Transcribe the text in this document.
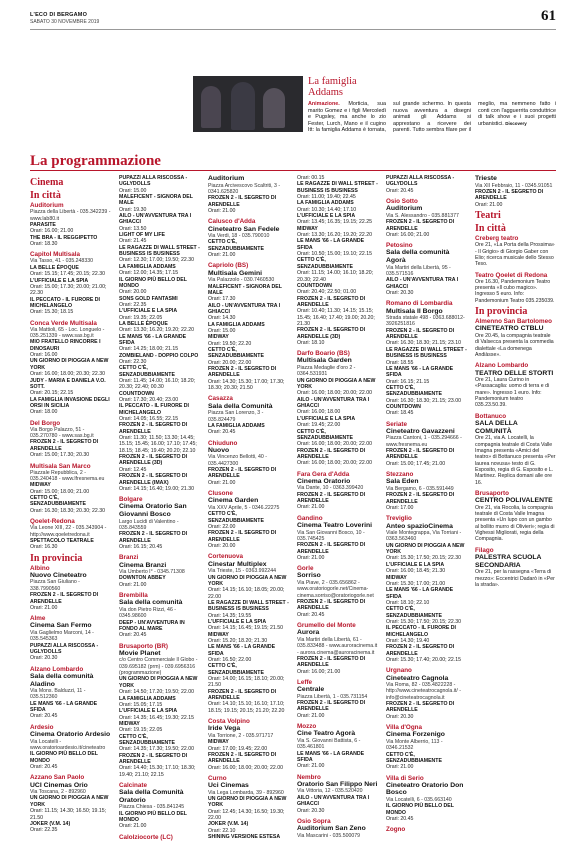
L'ECO DI BERGAMO
SABATO 30 NOVEMBRE 2019	61
La famiglia Addams
Animazione. Morticia, sua marito Gomez e i figli Mercoledì e Pugsley, ma anche lo zio Fester, Lurch, Mano e il cugino Itt: la famiglia Addams è tornata, sul grande schermo. In questa nuova avventura a disegni animati gli Addams si apprestano a ricevere dei parenti. Tutto sembra filare per il meglio, ma nemmeno fatto i conti con l'agguerrita conduttrice di talk show e i suoi progetti urbanistici. Discovery
La programmazione
Cinema
In città
Auditorium
Piazza della Libertà - 035.342239 - www.lab80.it
PARASITE
Orari: 16.00; 21.00
THE BRA - IL REGGIPETTO
Orari: 18.30
Capitol Multisala
Via Tasso, 41 - 035.248330
LA BELLE ÉPOQUE
Orari: 15.15; 17.45; 20.15; 22.30
L'UFFICIALE E LA SPIA
Orari: 15.00; 17.30; 20.00; 21.00; 22.30
IL PECCATO - IL FURORE DI MICHELANGELO
Orari: 15.30; 18.15
Conca Verde Multisala
Via Mattioli, 65 - Loc. Longuelo - 035.251339 - www.sas.bg.it
MIO FRATELLO RINCORRE I DINOSAURI
Orari: 16.00
UN GIORNO DI PIOGGIA A NEW YORK
Orari: 16.00; 18.00; 20.30; 22.30
JUDY - MARIA E DANIELA V.O. SOTT.
Orari: 20.15; 22.15
LA FAMIGLIA INVASIONE DEGLI ORSI IN SICILIA
Orari: 18.00
Del Borgo
Via Borgo Palazzo, 51 - 035.270780 - www.sas.bg.it
FROZEN 2 - IL SEGRETO DI ARENDELLE
Orari: 15.00; 17.30; 20.30
Multisala San Marco
Piazzale Repubblica, 2 - 035.240418 - www.lfresnema.eu
MIDWAY
Orari: 15.00; 18.00; 21.00
CETTO C'È, SENZADUBBIAMENTE
Orari: 16.30; 18.30; 20.30; 22.30
Qoelet-Redona
Via Leone XIII, 22 - 035.343904 - http://www.qoeletredona.it
SPETTACOLO TEATRALE
Orari: 16.30
In provincia
Albino
Nuovo Cineteatro
Piazza San Giuliano - 338.7990560
FROZEN 2 - IL SEGRETO DI ARENDELLE
Orari: 21.00
Alme
Cinema San Fermo
Via Gaglielmo Marconi, 14 - 035.545363
PUPAZZI ALLA RISCOSSA - UGLYDOLLS
Orari: 20.30
Alzano Lombardo
Sala della comunità Aladino
Via Mons. Balduzzi, 11 - 035.512360
LE MANS '66 - LA GRANDE SFIDA
Orari: 20.45
Ardesio
Cinema Oratorio Ardesio
Via Locatelli - www.oratorioardesio.it/cineteatro
IL GIORNO PIÙ BELLO DEL MONDO
Orari: 20.45
Azzano San Paolo
UCI Cinemas Orio
Via Toscana, 2 - 892960
UN GIORNO DI PIOGGIA A NEW YORK
Orari: 11.15; 14.30; 16.50; 19.15; 21.50
JOKER (V.M. 14)
Orari: 22.35
PUPAZZI ALLA RISCOSSA - UGLYDOLLS
Orari: 15.00
MALEFICENT - SIGNORA DEL MALE
Orari: 19.30
AILO - UN'AVVENTURA TRA I GHIACCI
Orari: 13.50
LIGHT OF MY LIFE
Orari: 21.45
LE RAGAZZE DI WALL STREET - BUSINESS IS BUSINESS
Orari: 12.30; 17.00; 19.50; 22.30
LA FAMIGLIA ADDAMS
Orari: 12.00; 14.35; 17.15
IL GIORNO PIÙ BELLO DEL MONDO
Orari: 20.00
SONS GOLD FANTASMI
Orari: 22.35
L'UFFICIALE E LA SPIA
Orari: 19.35; 22.05
LA BELLE ÉPOQUE
Orari: 13.30; 16.20; 19.20; 22.20
LE MANS '66 - LA GRANDE SFIDA
Orari: 14.25; 18.00; 21.15
ZOMBIELAND - DOPPIO COLPO
Orari: 22.30
CETTO C'È, SENZADUBBIAMENTE
Orari: 11.45; 14.00; 16.10; 18.20; 20.30; 22.40; 00.30
COUNTDOWN
Orari: 17.30; 20.40; 23.00
IL PECCATO - IL FURORE DI MICHELANGELO
Orari: 14.05; 16.55; 22.15
FROZEN 2 - IL SEGRETO DI ARENDELLE
Orari: 11.30; 11.50; 13.30; 14.45; 15.15; 15.45; 16.00; 17.10; 17.45; 18.15; 18.45; 19.40; 20.20; 22.10
FROZEN 2 - IL SEGRETO DI ARENDELLE (3D)
Orari: 12.45
FROZEN 2 - IL SEGRETO DI ARENDELLE (IMAX)
Orari: 14.15; 16.40; 19.00; 21.30
Bolgare
Cinema Oratorio San Giovanni Bosco
Largo Lucidi di Valentino - 035.843559
FROZEN 2 - IL SEGRETO DI ARENDELLE
Orari: 16.15; 20.45
Branzi
Cinema Branzi
Via Umberto I° - 0345.71308
DOWNTON ABBEY
Orari: 21.00
Brembilla
Sala della comunità
Via don Pietro Rizzi, 46 - 0345.98600
DEEP - UN'AVVENTURA IN FONDO AL MARE
Orari: 20.45
Brusaporto (BR)
Movie Planet
c/o Centro Commerciale Il Globo - 039.695182 (prm) - 039.6956316 (programmazione)
UN GIORNO DI PIOGGIA A NEW YORK
Orari: 14.50; 17.20; 19.50; 22.00
LA FAMIGLIA ADDAMS
Orari: 15.05; 17.15
L'UFFICIALE E LA SPIA
Orari: 14.35; 16.45; 19.30; 22.15
MIDWAY
Orari: 19.15; 22.05
CETTO C'È, SENZADUBBIAMENTE
Orari: 14.35; 17.30; 19.50; 22.00
FROZEN 2 - IL SEGRETO DI ARENDELLE
Orari: 14.40; 15.30; 17.10; 18.30; 19.40; 21.10; 22.15
Calcinate
Sala della Comunità Oratorio
Piazza Chiesa - 035.841245
IL GIORNO PIÙ BELLO DEL MONDO
Orari: 21.00
Calolziocorte (LC)
Auditorium
Piazza Arcivescovo Scaltriti, 3 - 0341.625820
FROZEN 2 - IL SEGRETO DI ARENDELLE
Orari: 21.00
Calusco d'Adda
Cineteatro San Fedele
Via Verdi, 18 - 035.790010
CETTO C'È, SENZADUBBIAMENTE
Orari: 21.00
Capriolo (BS)
Multisala Gemini
Via Palazzolo - 030.7460530
MALEFICENT - SIGNORA DEL MALE
Orari: 17.30
AILO - UN'AVVENTURA TRA I GHIACCI
Orari: 14.30
LA FAMIGLIA ADDAMS
Orari: 15.00
MIDWAY
Orari: 19.50; 22.20
CETTO C'È, SENZADUBBIAMENTE
Orari: 20.00; 22.00
FROZEN 2 - IL SEGRETO DI ARENDELLE
Orari: 14.30; 15.30; 17.00; 17.30; 18.30; 20.30; 21.50
Casazza
Sala della Comunità
Piazza San Lorenzo, 3 - 035.824479
LA FAMIGLIA ADDAMS
Orari: 20.45
Chiuduno
Nuovo
Via Vincenzo Bellotti, 40 - 035.4427300
FROZEN 2 - IL SEGRETO DI ARENDELLE
Orari: 21.00
Clusone
Cinema Garden
Via XXV Aprile, 5 - 0346.22275
CETTO C'È, SENZADUBBIAMENTE
Orari: 22.00
FROZEN 2 - IL SEGRETO DI ARENDELLE
Orari: 20.00
Cortenuova
Cinestar Multiplex
Via Trieste, 15 - 0363.992244
UN GIORNO DI PIOGGIA A NEW YORK
Orari: 14.15; 16.10; 18.05; 20.00; 22.00
LE RAGAZZE DI WALL STREET - BUSINESS IS BUSINESS
Orari: 14.35; 19.55
L'UFFICIALE E LA SPIA
Orari: 14.15; 16.45; 19.15; 21.50
MIDWAY
Orari: 15.20; 18.20; 21.30
LE MANS '66 - LA GRANDE SFIDA
Orari: 16.50; 22.00
CETTO C'È, SENZADUBBIAMENTE
Orari: 14.00; 16.15; 18.10; 20.00; 21.50
FROZEN 2 - IL SEGRETO DI ARENDELLE
Orari: 14.10; 15.10; 16.10; 17.10; 18.15; 19.15; 20.15; 21.20; 22.20
Costa Volpino
Iride Vega
Via Torrione, 2 - 035.971717
MIDWAY
Orari: 17.00; 19.45; 22.00
FROZEN 2 - IL SEGRETO DI ARENDELLE
Orari: 16.00; 18.00; 20.00; 22.00
Curno
Uci Cinemas
Via Lega Lombarda, 39 - 892960
UN GIORNO DI PIOGGIA A NEW YORK
Orari: 12.45; 14.30; 16.50; 19.30; 22.00
JOKER (V.M. 14)
Orari: 22.10
SHINING VERSIONE ESTESA
Orari: 00.15
LE RAGAZZE DI WALL STREET - BUSINESS IS BUSINESS
Orari: 11.00; 19.40; 22.45
LA FAMIGLIA ADDAMS
Orari: 10.30; 14.40; 17.10
L'UFFICIALE E LA SPIA
Orari: 13.45; 16.35; 19.15; 22.25
MIDWAY
Orari: 13.30; 16.20; 19.20; 22.20
LE MANS '66 - LA GRANDE SFIDA
Orari: 10.50; 15.00; 19.10; 22.15
CETTO C'È, SENZADUBBIAMENTE
Orari: 11.15; 14.00; 16.10; 18.20; 20.30; 22.40
COUNTDOWN
Orari: 20.40; 22.50; 01.00
FROZEN 2 - IL SEGRETO DI ARENDELLE
Orari: 10.40; 11.30; 14.15; 15.15; 15.45; 16.40; 17.40; 19.00; 20.20; 21.30
FROZEN 2 - IL SEGRETO DI ARENDELLE (3D)
Orari: 18.10
Darfo Boario (BS)
Multisala Garden
Piazza Medaglie d'oro 2 - 0364.531931
UN GIORNO DI PIOGGIA A NEW YORK
Orari: 16.00; 18.00; 20.00; 22.00
AILO - UN'AVVENTURA TRA I GHIACCI
Orari: 16.00; 18.00
L'UFFICIALE E LA SPIA
Orari: 19.45; 22.00
CETTO C'È, SENZADUBBIAMENTE
Orari: 16.00; 18.00; 20.00; 22.00
FROZEN 2 - IL SEGRETO DI ARENDELLE
Orari: 16.00; 18.00; 20.00; 22.00
Fara Gera d'Adda
Cinema Oratorio
Via Dante, 10 - 0363.399420
FROZEN 2 - IL SEGRETO DI ARENDELLE
Orari: 21.00
Gandino
Cinema Teatro Loverini
Via San Giovanni Bosco, 10 - 035.745425
FROZEN 2 - IL SEGRETO DI ARENDELLE
Orari: 21.00
Gorle
Sorriso
Via Piave, 2 - 035.656862 - www.oratoriogorle.net/Cinema-cinema.sorriso@oratoriogorle.net
FROZEN 2 - IL SEGRETO DI ARENDELLE
Orari: 20.45
Grumello del Monte
Aurora
Via Martiri della Libertà, 61 - 035.833488 - www.auroracinema.it - aurora.cinema@auroracinema.it
FROZEN 2 - IL SEGRETO DI ARENDELLE
Orari: 16.00; 21.00
Leffe
Centrale
Piazza Libertà, 1 - 035.731154
FROZEN 2 - IL SEGRETO DI ARENDELLE
Orari: 21.00
Mozzo
Cine Teatro Agorà
Via S. Giovanni Battista, 6 - 035.461801
LE MANS '66 - LA GRANDE SFIDA
Orari: 21.00
Nembro
Oratorio San Filippo Neri
Via Vittoria, 12 - 035.520420
AILO - UN'AVVENTURA TRA I GHIACCI
Orari: 20.30
Osio Sopra
Auditorium San Zeno
Via Mascarini - 035.500079
PUPAZZI ALLA RISCOSSA - UGLYDOLLS
Orari: 20.45
Osio Sotto
Auditorium
Via S. Alessandro - 035.881377
FROZEN 2 - IL SEGRETO DI ARENDELLE
Orari: 16.00; 21.00
Petosino
Sala della comunità Agorà
Via Martiri della Libertà, 95 - 035.571516
AILO - UN'AVVENTURA TRA I GHIACCI
Orari: 20.30
Romano di Lombardia
Multisala Il Borgo
Strada statale 498 - 0363.688012-3926251816
FROZEN 2 - IL SEGRETO DI ARENDELLE
Orari: 16.30; 18.30; 21.15; 23.10
LE RAGAZZE DI WALL STREET - BUSINESS IS BUSINESS
Orari: 18.55
LE MANS '66 - LA GRANDE SFIDA
Orari: 16.15; 21.15
CETTO C'È, SENZADUBBIAMENTE
Orari: 16.30; 18.30; 21.15; 23.00
COUNTDOWN
Orari: 18.45
Seriate
Cineteatro Gavazzeni
Piazza Cantoni, 1 - 035.294666 - www.fresnema.eu
FROZEN 2 - IL SEGRETO DI ARENDELLE
Orari: 15.00; 17.45; 21.00
Stezzano
Sala Eden
Via Bergamo, 6 - 035.591449
FROZEN 2 - IL SEGRETO DI ARENDELLE
Orari: 17.00
Treviglio
Anteo spazioCinema
Viale Montegrappa, Via Torriani - 0363.563460
UN GIORNO DI PIOGGIA A NEW YORK
Orari: 15.30; 17.50; 20.15; 22.30
L'UFFICIALE E LA SPIA
Orari: 16.00; 18.45; 21.30
MIDWAY
Orari: 15.30; 17.00; 21.00
LE MANS '66 - LA GRANDE SFIDA
Orari: 18.10; 22.10
CETTO C'È, SENZADUBBIAMENTE
Orari: 15.30; 17.50; 20.15; 22.30
IL PECCATO - IL FURORE DI MICHELANGELO
Orari: 14.30; 19.40
FROZEN 2 - IL SEGRETO DI ARENDELLE
Orari: 15.30; 17.40; 20.00; 22.15
Urgnano
Cineteatro Cagnola
Via Roma, 82 - 035.4822228 - http://www.cineteatrocagnola.it/ - info@cineteatrocagnola.it
FROZEN 2 - IL SEGRETO DI ARENDELLE
Orari: 20.30
Villa d'Ogna
Cinema Forzenigo
Via Monte Alberrio, 113 - 0346.21532
CETTO C'È, SENZADUBBIAMENTE
Orari: 21.00
Villa di Serio
Cineteatro Oratorio Don Bosco
Via Locatelli, 6 - 035.663140
IL GIORNO PIÙ BELLO DEL MONDO
Orari: 20.45
Zogno
Trieste
Via XII Febbraio, 11 - 0345.91051
FROZEN 2 - IL SEGRETO DI ARENDELLE
Orari: 21.00
Teatri
In città
Creberg teatro
Ore 21, «La Porta della Prossima» - Il Grigio» di Giorgio Gaber con Elio; ricerca musicale dello Stesso Teso.
Teatro Qoelet di Redona
Ore 16.30, Pandemonium Teatro presenta «Il cubo magico». Ingresso 5 euro. Info: Pandemonium Teatro 035.235039.
In provincia
Almenno San Bartolomeo
CINETEATRO CTBLU
Ore 20.45, la compagnia teatrale di Valsecca presenta la commedia dialettale «La domenega Andiàsse».
Alzano Lombardo
TEATRO DELLE STORTI
Ore 21, Laura Curino in «Passacaglia: uomo di terra e di mare». Ingresso 1 euro. Info: Pandemonium teatro 035.23.50.39.
Bottanuco
SALA DELLA COMUNITÀ
Ore 21, via A. Locatelli, la compagnia teatrale di Costa Valle Imagna presenta «Amici del teatro» di Bottanuco presenta «Per laurea novusa» testo di G. Esposito, regia di G. Esposito e L. Martinez. Replica domani alle ore 16.
Brusaporto
CENTRO POLIVALENTE
Ore 21, via Rocolia, la compagnia teatrale di Costa Valle Imagna presenta «Un lupo con un gambo al bollito murro di Olivieri»; regia di Vighessi Migliorati, regia della Compagnia.
Filago
PALESTRA SCUOLA SECONDARIA
Ore 21, per la rassegna «Terra di mezzo»: Eccentrici Dadarò in «Per la strada».
